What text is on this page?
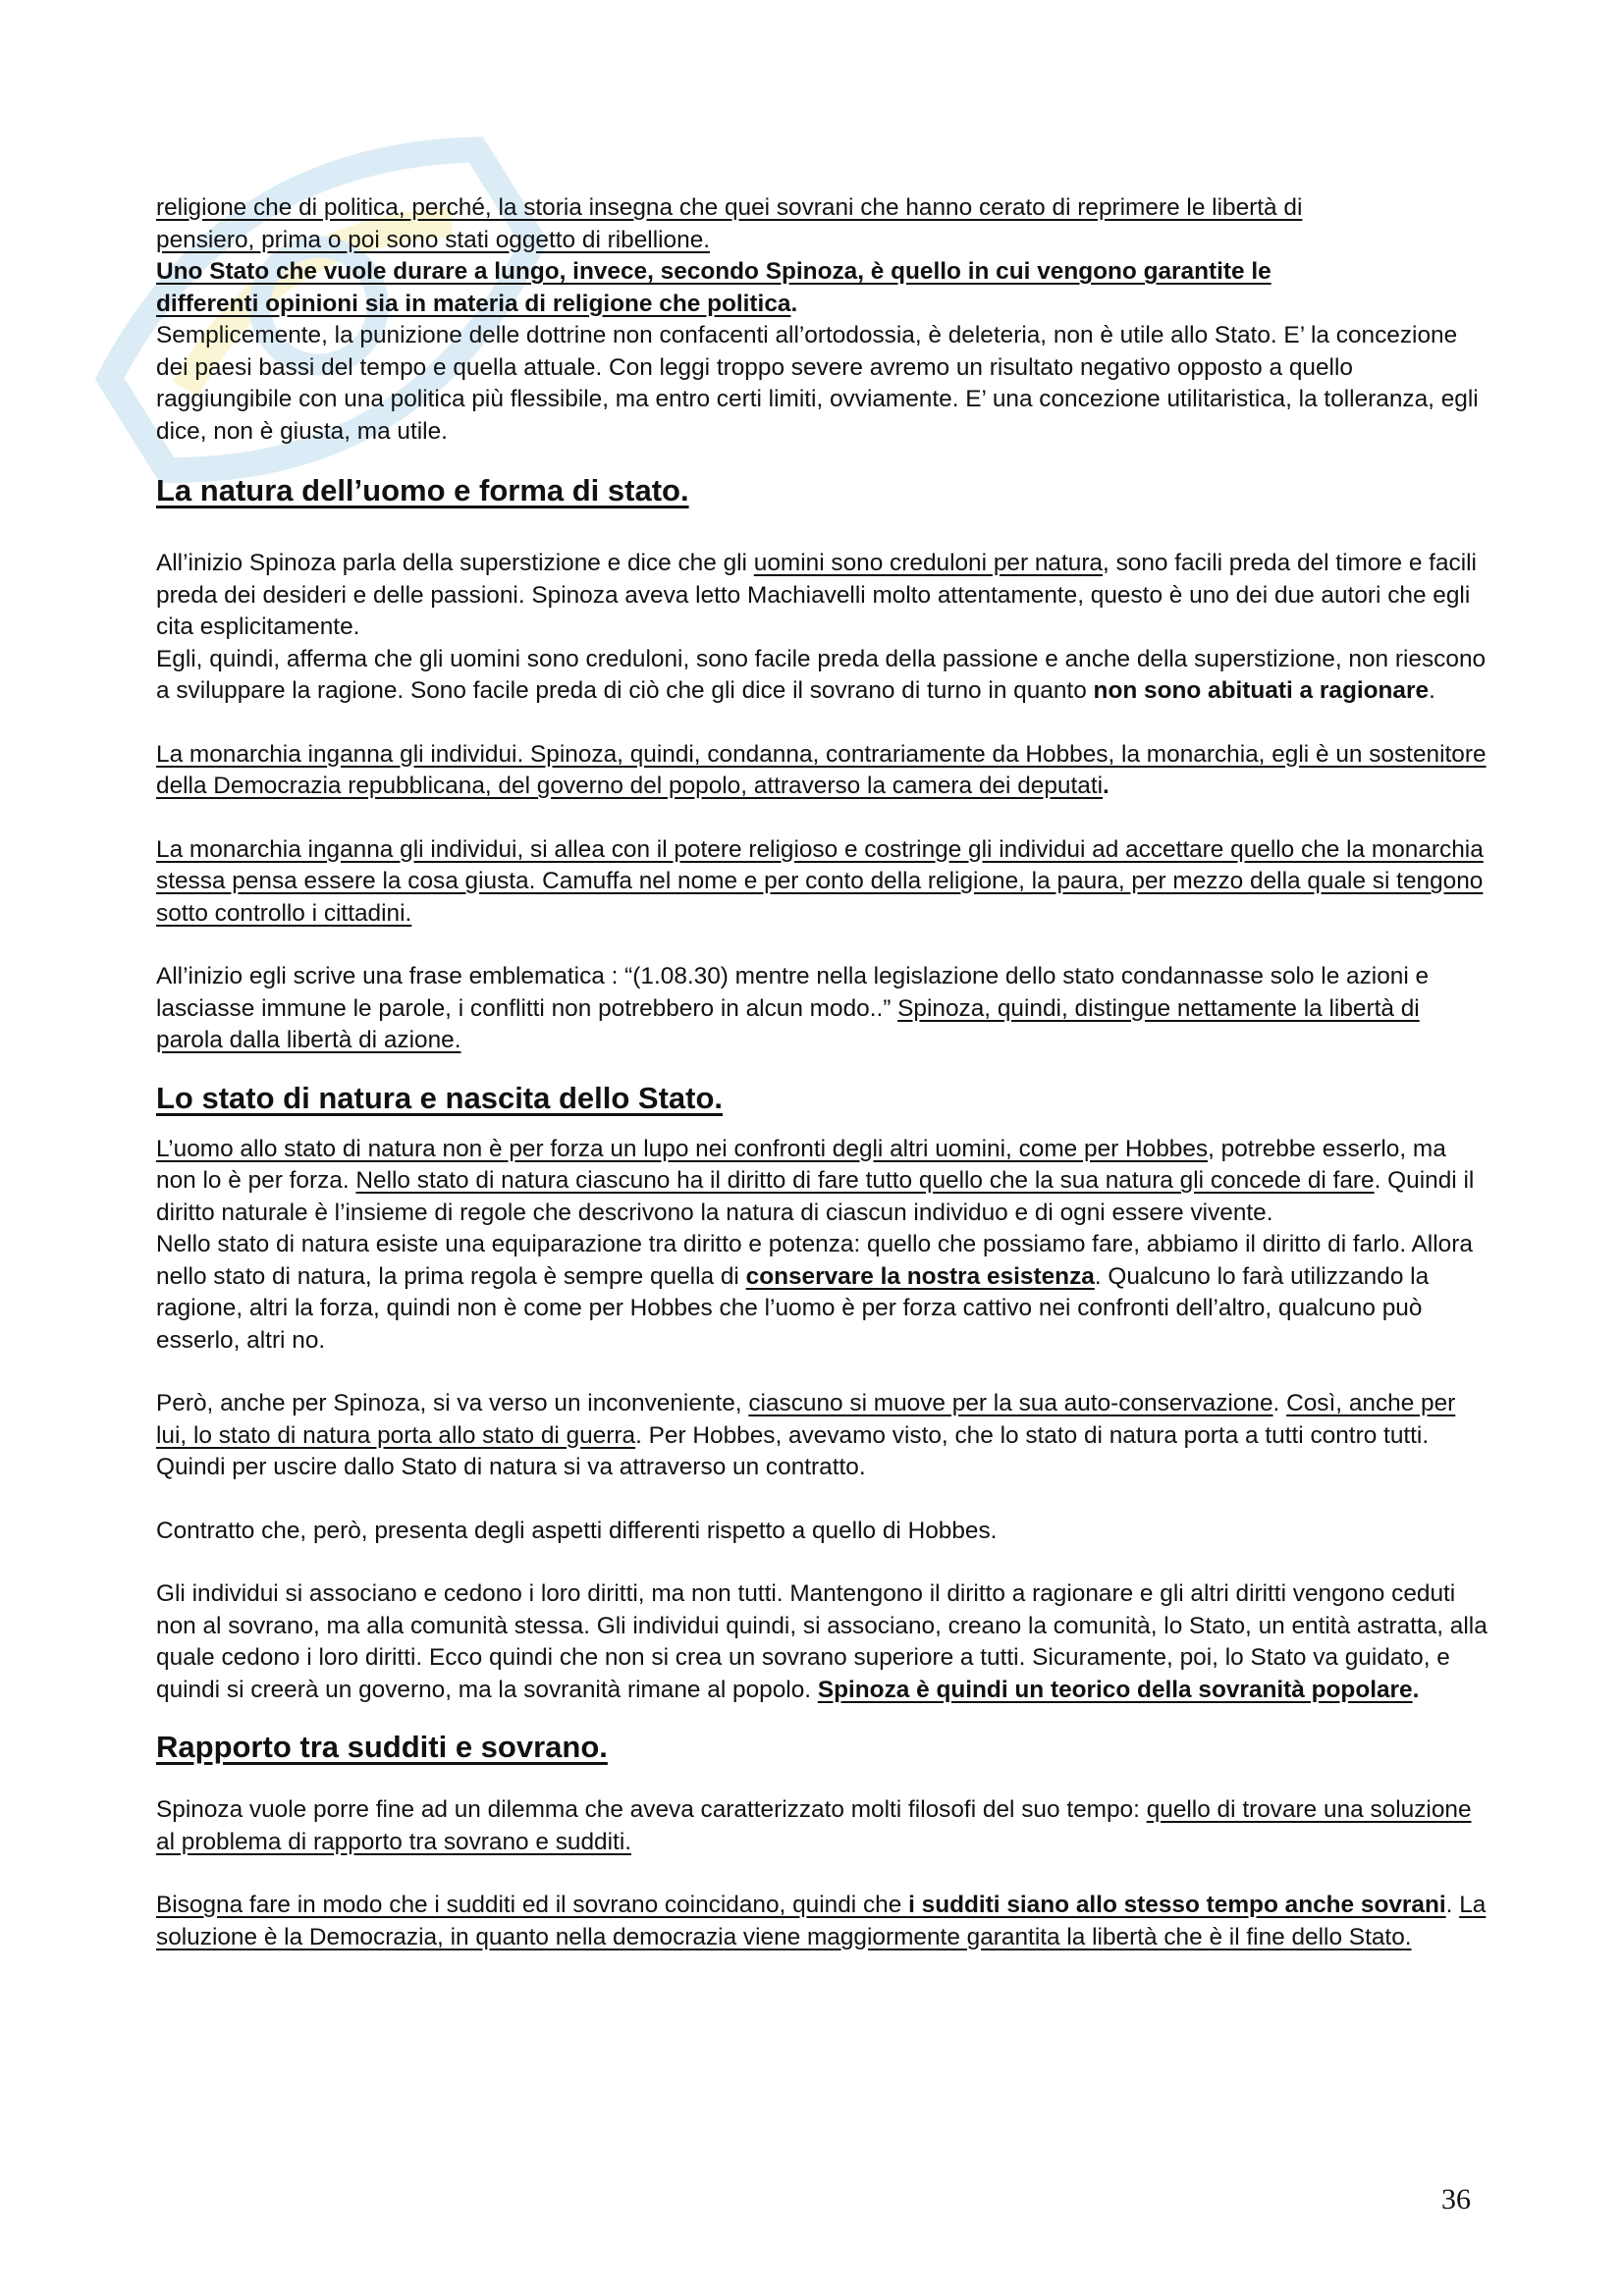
religione che di politica, perché, la storia insegna che quei sovrani che hanno cerato di reprimere le libertà di

pensiero, prima o poi sono stati oggetto di ribellione.

Uno Stato che vuole durare a lungo, invece, secondo Spinoza, è quello in cui vengono garantite le

differenti opinioni sia in materia di religione che politica.

Semplicemente, la punizione delle dottrine non confacenti all’ortodossia, è deleteria, non è utile allo Stato. E’ la concezione dei paesi bassi del tempo e quella attuale. Con leggi troppo severe avremo un risultato negativo opposto a quello raggiungibile con una politica più flessibile, ma entro certi limiti, ovviamente. E’ una concezione utilitaristica, la tolleranza, egli dice, non è giusta, ma utile.

La natura dell’uomo e forma di stato.

All’inizio Spinoza parla della superstizione e dice che gli uomini sono creduloni per natura, sono facili preda del timore e facili preda dei desideri e delle passioni. Spinoza aveva letto Machiavelli molto attentamente, questo è uno dei due autori che egli cita esplicitamente.

Egli, quindi, afferma che gli uomini sono creduloni, sono facile preda della passione e anche della superstizione, non riescono a sviluppare la ragione. Sono facile preda di ciò che gli dice il sovrano di turno in quanto non sono abituati a ragionare.

La monarchia inganna gli individui. Spinoza, quindi, condanna, contrariamente da Hobbes, la monarchia, egli è un sostenitore della Democrazia repubblicana, del governo del popolo, attraverso la camera dei deputati.

La monarchia inganna gli individui, si allea con il potere religioso e costringe gli individui ad accettare quello che la monarchia stessa pensa essere la cosa giusta. Camuffa nel nome e per conto della religione, la paura, per mezzo della quale si tengono sotto controllo i cittadini.

All’inizio egli scrive una frase emblematica : “(1.08.30) mentre nella legislazione dello stato condannasse solo le azioni e lasciasse immune le parole, i conflitti non potrebbero in alcun modo..” Spinoza, quindi, distingue nettamente la libertà di parola dalla libertà di azione.

Lo stato di natura e nascita dello Stato.

L’uomo allo stato di natura non è per forza un lupo nei confronti degli altri uomini, come per Hobbes, potrebbe esserlo, ma non lo è per forza. Nello stato di natura ciascuno ha il diritto di fare tutto quello che la sua natura gli concede di fare. Quindi il diritto naturale è l’insieme di regole che descrivono la natura di ciascun individuo e di ogni essere vivente.

Nello stato di natura esiste una equiparazione tra diritto e potenza: quello che possiamo fare, abbiamo il diritto di farlo. Allora nello stato di natura, la prima regola è sempre quella di conservare la nostra esistenza. Qualcuno lo farà utilizzando la ragione, altri la forza, quindi non è come per Hobbes che l’uomo è per forza cattivo nei confronti dell’altro, qualcuno può esserlo, altri no.

Però, anche per Spinoza, si va verso un inconveniente, ciascuno si muove per la sua auto-conservazione. Così, anche per lui, lo stato di natura porta allo stato di guerra. Per Hobbes, avevamo visto, che lo stato di natura porta a tutti contro tutti. Quindi per uscire dallo Stato di natura si va attraverso un contratto.

Contratto che, però, presenta degli aspetti differenti rispetto a quello di Hobbes.

Gli individui si associano e cedono i loro diritti, ma non tutti. Mantengono il diritto a ragionare e gli altri diritti vengono ceduti non al sovrano, ma alla comunità stessa. Gli individui quindi, si associano, creano la comunità, lo Stato, un entità astratta, alla quale cedono i loro diritti. Ecco quindi che non si crea un sovrano superiore a tutti. Sicuramente, poi, lo Stato va guidato, e quindi si creerà un governo, ma la sovranità rimane al popolo. Spinoza è quindi un teorico della sovranità popolare.

Rapporto tra sudditi e sovrano.

Spinoza vuole porre fine ad un dilemma che aveva caratterizzato molti filosofi del suo tempo: quello di trovare una soluzione al problema di rapporto tra sovrano e sudditi.

Bisogna fare in modo che i sudditi ed il sovrano coincidano, quindi che i sudditi siano allo stesso tempo anche sovrani. La soluzione è la Democrazia, in quanto nella democrazia viene maggiormente garantita la libertà che è il fine dello Stato.

36
